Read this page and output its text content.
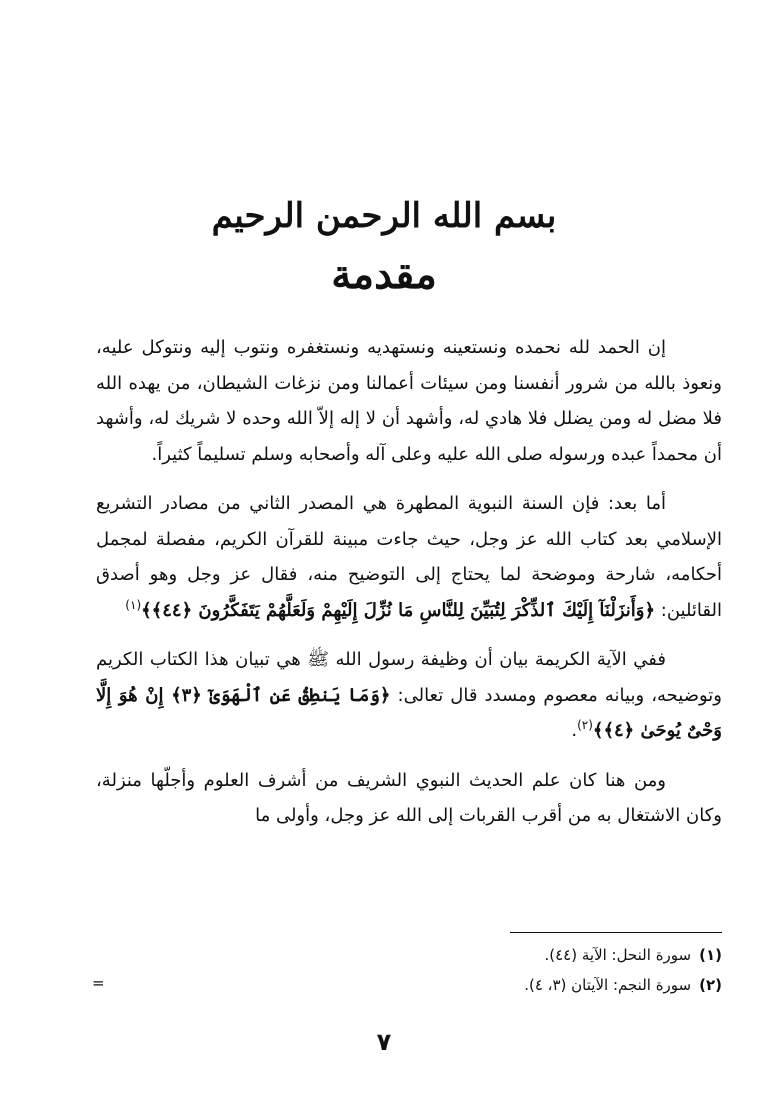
بسم الله الرحمن الرحيم
مقدمة

إن الحمد لله نحمده ونستعينه ونستهديه ونستغفره ونتوب إليه ونتوكل عليه، ونعوذ بالله من شرور أنفسنا ومن سيئات أعمالنا ومن نزغات الشيطان، من يهده الله فلا مضل له ومن يضلل فلا هادي له، وأشهد أن لا إله إلاّ الله وحده لا شريك له، وأشهد أن محمداً عبده ورسوله صلى الله عليه وعلى آله وأصحابه وسلم تسليماً كثيراً.

أما بعد: فإن السنة النبوية المطهرة هي المصدر الثاني من مصادر التشريع الإسلامي بعد كتاب الله عز وجل، حيث جاءت مبينة للقرآن الكريم، مفصلة لمجمل أحكامه، شارحة وموضحة لما يحتاج إلى التوضيح منه، فقال عز وجل وهو أصدق القائلين: ﴿وَأَنزَلْنَآ إِلَيْكَ ٱلذِّكْرَ لِتُبَيِّنَ لِلنَّاسِ مَا نُزِّلَ إِلَيْهِمْ وَلَعَلَّهُمْ يَتَفَكَّرُونَ ﴿٤٤﴾﴾$^{(١)}$

ففي الآية الكريمة بيان أن وظيفة رسول الله ﷺ هي تبيان هذا الكتاب الكريم وتوضيحه، وبيانه معصوم ومسدد قال تعالى: ﴿وَمَا يَنطِقُ عَنِ ٱلْهَوَىٰٓ ﴿٣﴾ إِنْ هُوَ إِلَّا وَحْىٌ يُوحَىٰ ﴿٤﴾﴾$^{(٢)}$.

ومن هنا كان علم الحديث النبوي الشريف من أشرف العلوم وأجلّها منزلة، وكان الاشتغال به من أقرب القربات إلى الله عز وجل، وأولى ما

(١)سورة النحل: الآية (٤٤).
(٢)سورة النجم: الآيتان (٣، ٤).
=
٧
